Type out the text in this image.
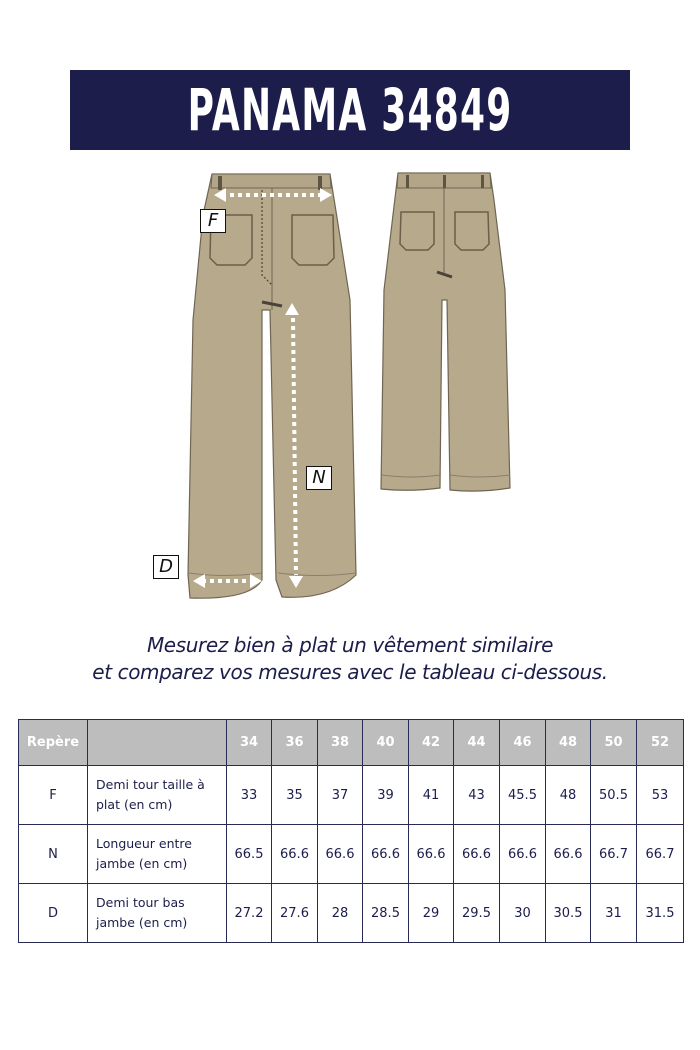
PANAMA 34849
F
N
D
Mesurez bien à plat un vêtement similaire
et comparez vos mesures avec le tableau ci-dessous.
Repère		34	36	38	40	42	44	46	48	50	52
F	Demi tour taille à
plat (en cm)	33	35	37	39	41	43	45.5	48	50.5	53
N	Longueur entre
jambe (en cm)	66.5	66.6	66.6	66.6	66.6	66.6	66.6	66.6	66.7	66.7
D	Demi tour bas
jambe (en cm)	27.2	27.6	28	28.5	29	29.5	30	30.5	31	31.5
